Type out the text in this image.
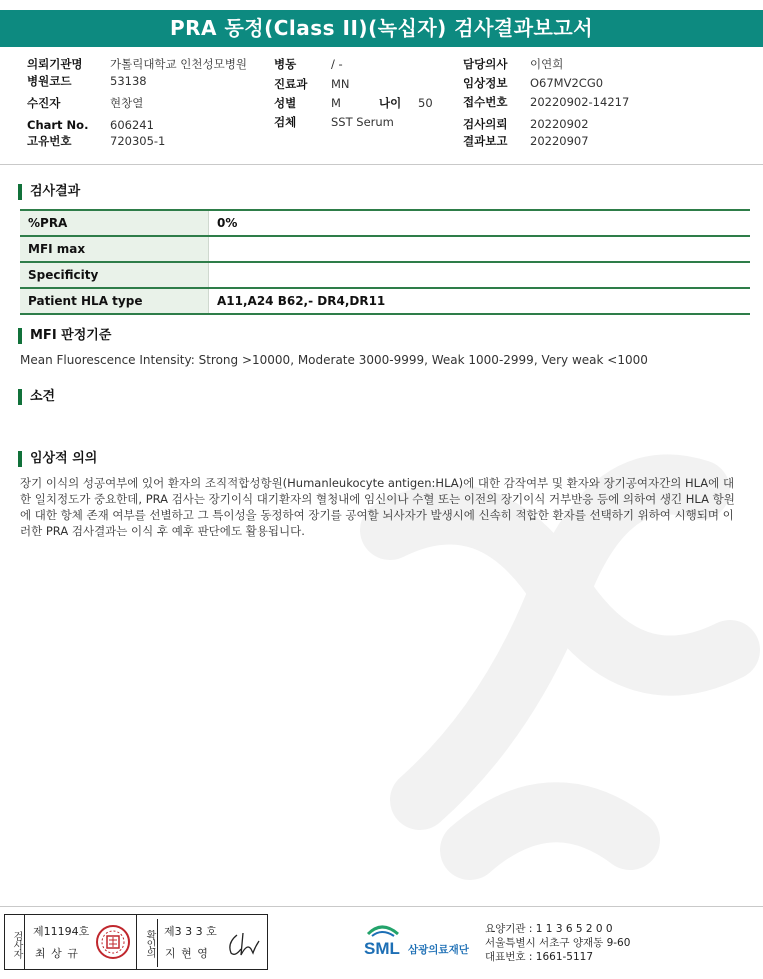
PRA 동정(Class II)(녹십자) 검사결과보고서
의뢰기관명 가톨릭대학교 인천성모병원
병원코드	53138
수진자	현창열
Chart No. 606241
고유번호	720305-1
병동	/ -
진료과 MN
성별	M	나이 50
검체	SST Serum
담당의사 이연희
임상정보 O67MV2CG0
접수번호 20220902-14217
검사의뢰 20220902
결과보고 20220907
검사결과
%PRA	0%
MFI max	
Specificity	
Patient HLA type	A11,A24 B62,- DR4,DR11
MFI 판정기준
Mean Fluorescence Intensity: Strong >10000, Moderate 3000-9999, Weak 1000-2999, Very weak <1000
소견
임상적 의의
장기 이식의 성공여부에 있어 환자의 조직적합성항원(Humanleukocyte antigen:HLA)에 대한 감작여부 및 환자와 장기공여자간의 HLA에 대한 일치정도가 중요한데, PRA 검사는 장기이식 대기환자의 혈청내에 임신이나 수혈 또는 이전의 장기이식 거부반응 등에 의하여 생긴 HLA 항원에 대한 항체 존재 여부를 선별하고 그 특이성을 동정하여 장기를 공여할 뇌사자가 발생시에 신속히 적합한 환자를 선택하기 위하여 시행되며 이러한 PRA 검사결과는 이식 후 예후 판단에도 활용됩니다.
검사자 제11194호
최 상 규	확인의 제3 3 3 호
지 현 영	SML 삼광의료재단
요양기관 : 1 1 3 6 5 2 0 0
서울특별시 서초구 양재동 9-60
대표번호 : 1661-5117
